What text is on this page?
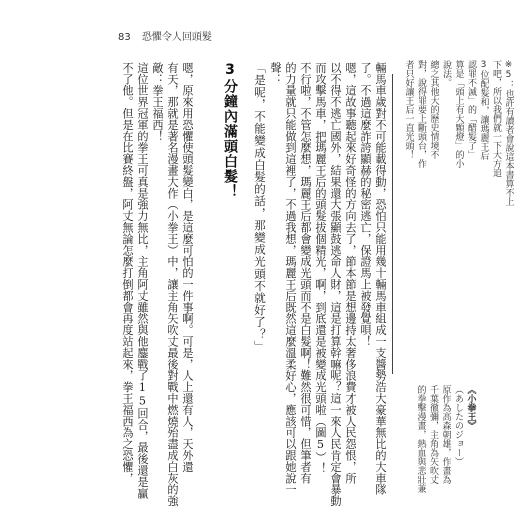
83 恐懼令人回頭髮

輛馬車歲對不可能載得動，恐怕只能用幾十輛馬車組成一支醬勢浩大豪華無比的大車隊

了。不過這麼詐誇顯赫的秘密逃亡，保證馬上被發覺唄！

嗯，這故事聽起來好奇怪的方向去了，節本節是想邊持太奢侈浪費才被人民怨恨，所

以不得不逃亡國外，結果還大張顯鼓逃命人財，這是打算幹嘛呢？這一來人民肯定會暴動

而攻擊馬車，把瑪麗王后的頭髮拔個精光，啊，到底還是被變成光頭啦（圖5）！

不行啦，不管怎麼想，瑪麗王后都會變成光頭而不是白髮啊！難然很可惜，但筆者有

的力量就只能做到這裡了，不過我想，瑪麗王后既然這麼溫柔好心，應該可以跟她說一

聲：

「是呢，不能變成白髮的話，那變成光頭不就好了？」
3分鐘內滿頭白髮！

嗯，原來用恐懼使頭髮變白，是這麼可怕的一件事啊。可是，人上還有人，天外還

有天，那就是著名漫畫大作（小拳王）中，讓主角矢吹丈最後對戰中燃燒殆盡成白灰的強

敵：拳王福西！

這位世界冠軍的拳王可真是強力無比，主角阿丈雖然與他鏖戰了15回合，最後還是贏

不了他。但是在比賽終盤，阿丈無論怎麼打倒都會再度站起來，拳王福西為之恐懼，	※5：也許有讀者會說這本書算不上

下吧，所以我們就一下大方追

3位配髮和，讓瑪麗王后

認罪不滅」的「醋髮了」

算是「頭上有大顆燈」的小

說法。

總之其他大的歷史情境不

對，說得罪要上斷頭台，作

者只好讓王后一直光頭！

《小拳王》

（あしたのジョー）

原作為高森朝雄，作畫為

千葉徹彌，主角為矢吹丈

的拳擊漫畫，熱血與悲壯兼
